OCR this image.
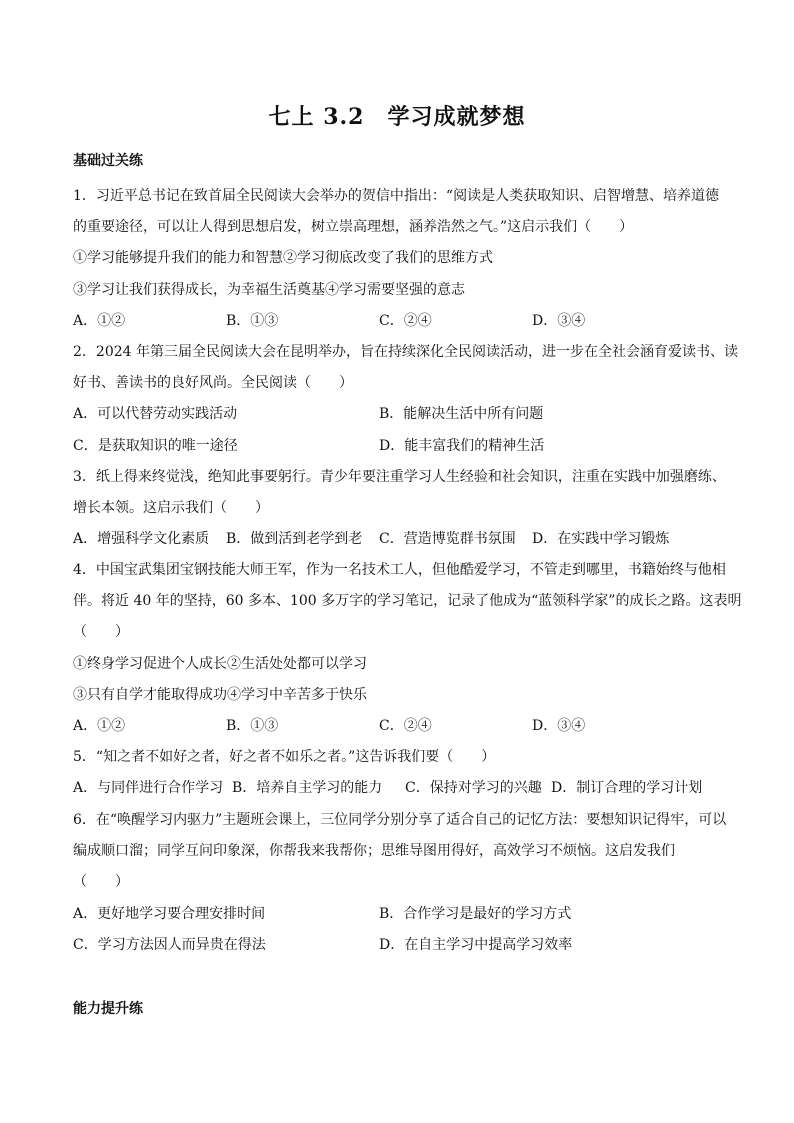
七上 3.2　学习成就梦想
基础过关练
1．习近平总书记在致首届全民阅读大会举办的贺信中指出：“阅读是人类获取知识、启智增慧、培养道德
的重要途径，可以让人得到思想启发，树立崇高理想，涵养浩然之气。”这启示我们（　　）
①学习能够提升我们的能力和智慧②学习彻底改变了我们的思维方式
③学习让我们获得成长，为幸福生活奠基④学习需要坚强的意志
A．①②	B．①③	C．②④	D．③④
2．2024 年第三届全民阅读大会在昆明举办，旨在持续深化全民阅读活动，进一步在全社会涵育爱读书、读
好书、善读书的良好风尚。全民阅读（　　）
A．可以代替劳动实践活动	B．能解决生活中所有问题
C．是获取知识的唯一途径	D．能丰富我们的精神生活
3．纸上得来终觉浅，绝知此事要躬行。青少年要注重学习人生经验和社会知识，注重在实践中加强磨练、
增长本领。这启示我们（　　）
A．增强科学文化素质 B．做到活到老学到老 C．营造博览群书氛围 D．在实践中学习锻炼
4．中国宝武集团宝钢技能大师王军，作为一名技术工人，但他酷爱学习，不管走到哪里，书籍始终与他相
伴。将近 40 年的坚持，60 多本、100 多万字的学习笔记，记录了他成为“蓝领科学家”的成长之路。这表明
（　　）
①终身学习促进个人成长②生活处处都可以学习
③只有自学才能取得成功④学习中辛苦多于快乐
A．①②	B．①③	C．②④	D．③④
5．“知之者不如好之者，好之者不如乐之者。”这告诉我们要（　　）
A．与同伴进行合作学习 B．培养自主学习的能力 C．保持对学习的兴趣 D．制订合理的学习计划
6．在“唤醒学习内驱力”主题班会课上，三位同学分别分享了适合自己的记忆方法：要想知识记得牢，可以
编成顺口溜；同学互问印象深，你帮我来我帮你；思维导图用得好，高效学习不烦恼。这启发我们
（　　）
A．更好地学习要合理安排时间	B．合作学习是最好的学习方式
C．学习方法因人而异贵在得法	D．在自主学习中提高学习效率
能力提升练
